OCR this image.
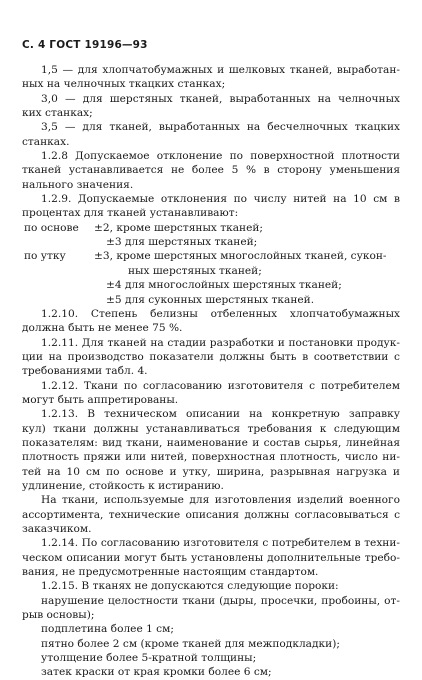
С. 4 ГОСТ 19196—93
1,5 — для хлопчатобумажных и шелковых тканей, выработан-
ных на челночных ткацких станках;
3,0 — для шерстяных тканей, выработанных на челночных
ких станках;
3,5 — для тканей, выработанных на бесчелночных ткацких
станках.
1.2.8 Допускаемое отклонение по поверхностной плотности
тканей устанавливается не более 5 % в сторону уменьшения
нального значения.
1.2.9. Допускаемые отклонения по числу нитей на 10 см в
процентах для тканей устанавливают:
по основе ±2, кроме шерстяных тканей;
±3 для шерстяных тканей;
по утку	±3, кроме шерстяных многослойных тканей, сукон-
ных шерстяных тканей;
±4 для многослойных шерстяных тканей;
±5 для суконных шерстяных тканей.
1.2.10. Степень белизны отбеленных хлопчатобумажных
должна быть не менее 75 %.
1.2.11. Для тканей на стадии разработки и постановки продук-
ции на производство показатели должны быть в соответствии с
требованиями табл. 4.
1.2.12. Ткани по согласованию изготовителя с потребителем
могут быть аппретированы.
1.2.13. В техническом описании на конкретную заправку
кул) ткани должны устанавливаться требования к следующим
показателям: вид ткани, наименование и состав сырья, линейная
плотность пряжи или нитей, поверхностная плотность, число ни-
тей на 10 см по основе и утку, ширина, разрывная нагрузка и
удлинение, стойкость к истиранию.
На ткани, используемые для изготовления изделий военного
ассортимента, технические описания должны согласовываться с
заказчиком.
1.2.14. По согласованию изготовителя с потребителем в техни-
ческом описании могут быть установлены дополнительные требо-
вания, не предусмотренные настоящим стандартом.
1.2.15. В тканях не допускаются следующие пороки:
нарушение целостности ткани (дыры, просечки, пробоины, от-
рыв основы);
подплетина более 1 см;
пятно более 2 см (кроме тканей для межподкладки);
утолщение более 5-кратной толщины;
затек краски от края кромки более 6 см;
